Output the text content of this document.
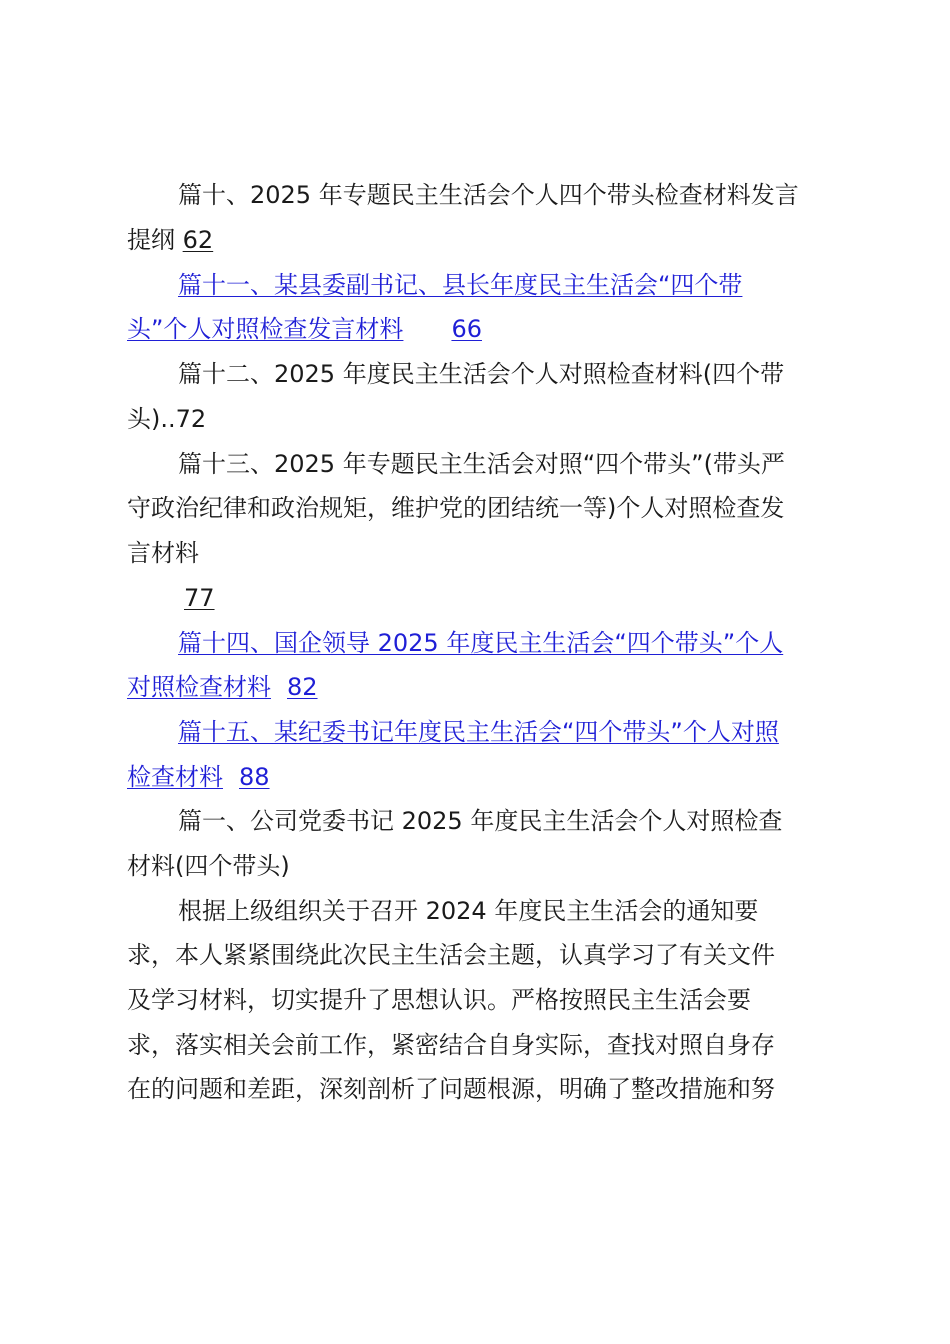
篇十、2025 年专题民主生活会个人四个带头检查材料发言
提纲 62
篇十一、某县委副书记、县长年度民主生活会“四个带
头”个人对照检查发言材料 66
篇十二、2025 年度民主生活会个人对照检查材料(四个带
头)..72
篇十三、2025 年专题民主生活会对照“四个带头”(带头严
守政治纪律和政治规矩，维护党的团结统一等)个人对照检查发
言材料
77
篇十四、国企领导 2025 年度民主生活会“四个带头”个人
对照检查材料 82
篇十五、某纪委书记年度民主生活会“四个带头”个人对照
检查材料 88
篇一、公司党委书记 2025 年度民主生活会个人对照检查
材料(四个带头)
根据上级组织关于召开 2024 年度民主生活会的通知要
求，本人紧紧围绕此次民主生活会主题，认真学习了有关文件
及学习材料，切实提升了思想认识。严格按照民主生活会要
求，落实相关会前工作，紧密结合自身实际，查找对照自身存
在的问题和差距，深刻剖析了问题根源，明确了整改措施和努
